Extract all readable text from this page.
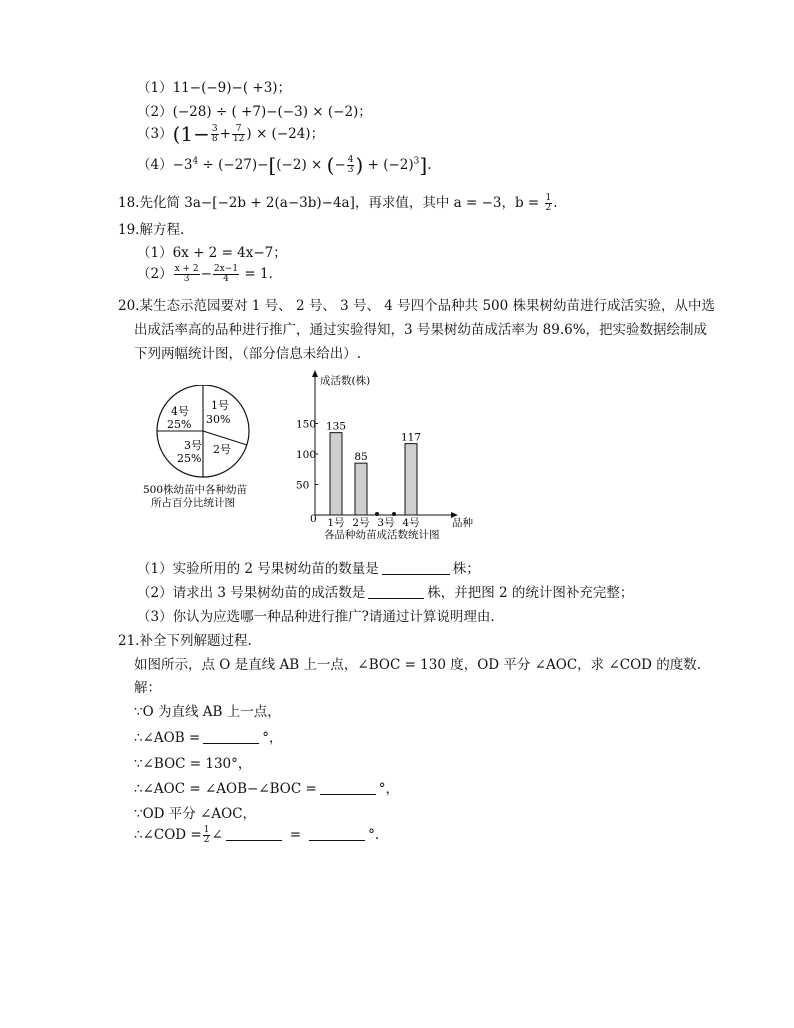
（1）11−(−9)−( +3)；
（2）(−28) ÷ ( +7)−(−3) × (−2)；
$(3)(1- \frac{3}{8} + \frac{7}{12}$ ) × (−24)；
$(4)-3^4 \div (-27)-[(-2)$ × (− $\frac{4}{3}$ ) + $(-2)^3$].
18.先化简 3a−[−2b + 2(a−3b)−4a]，再求值，其中 a = −3，$b = \frac{1}{2}$ .
19.解方程.
（1）6x + 2 = 4x−7；
$(2) \frac{x + 2}{3} - \frac{2x-1}{4} = 1$.
20.某生态示范园要对 1 号、 2 号、 3 号、 4 号四个品种共 500 株果树幼苗进行成活实验，从中选
出成活率高的品种进行推广，通过实验得知，3 号果树幼苗成活率为 89.6%，把实验数据绘制成
下列两幅统计图，（部分信息未给出）.
1号
30%
4号
25%
3号
25%
2号
500株幼苗中各种幼苗
所占百分比统计图
成活数(株)
品种
0
50
100
150 135
1号
85
2号 3号
117
4号
各品种幼苗成活数统计图
（1）实验所用的 2 号果树幼苗的数量是	株；
（2）请求出 3 号果树幼苗的成活数是	株，并把图 2 的统计图补充完整；
（3）你认为应选哪一种品种进行推广?请通过计算说明理由.
21.补全下列解题过程.
如图所示，点 O 是直线 AB 上一点，∠BOC = 130 度，OD 平分 ∠AOC，求 ∠COD 的度数.
解：
∵O 为直线 AB 上一点，
∴∠AOB =	°，
∵∠BOC = 130°，
∴∠AOC = ∠AOB−∠BOC =	°，
∵OD 平分 ∠AOC，
∴∠COD = $\frac{1}{2}$ ∠	=	°.
